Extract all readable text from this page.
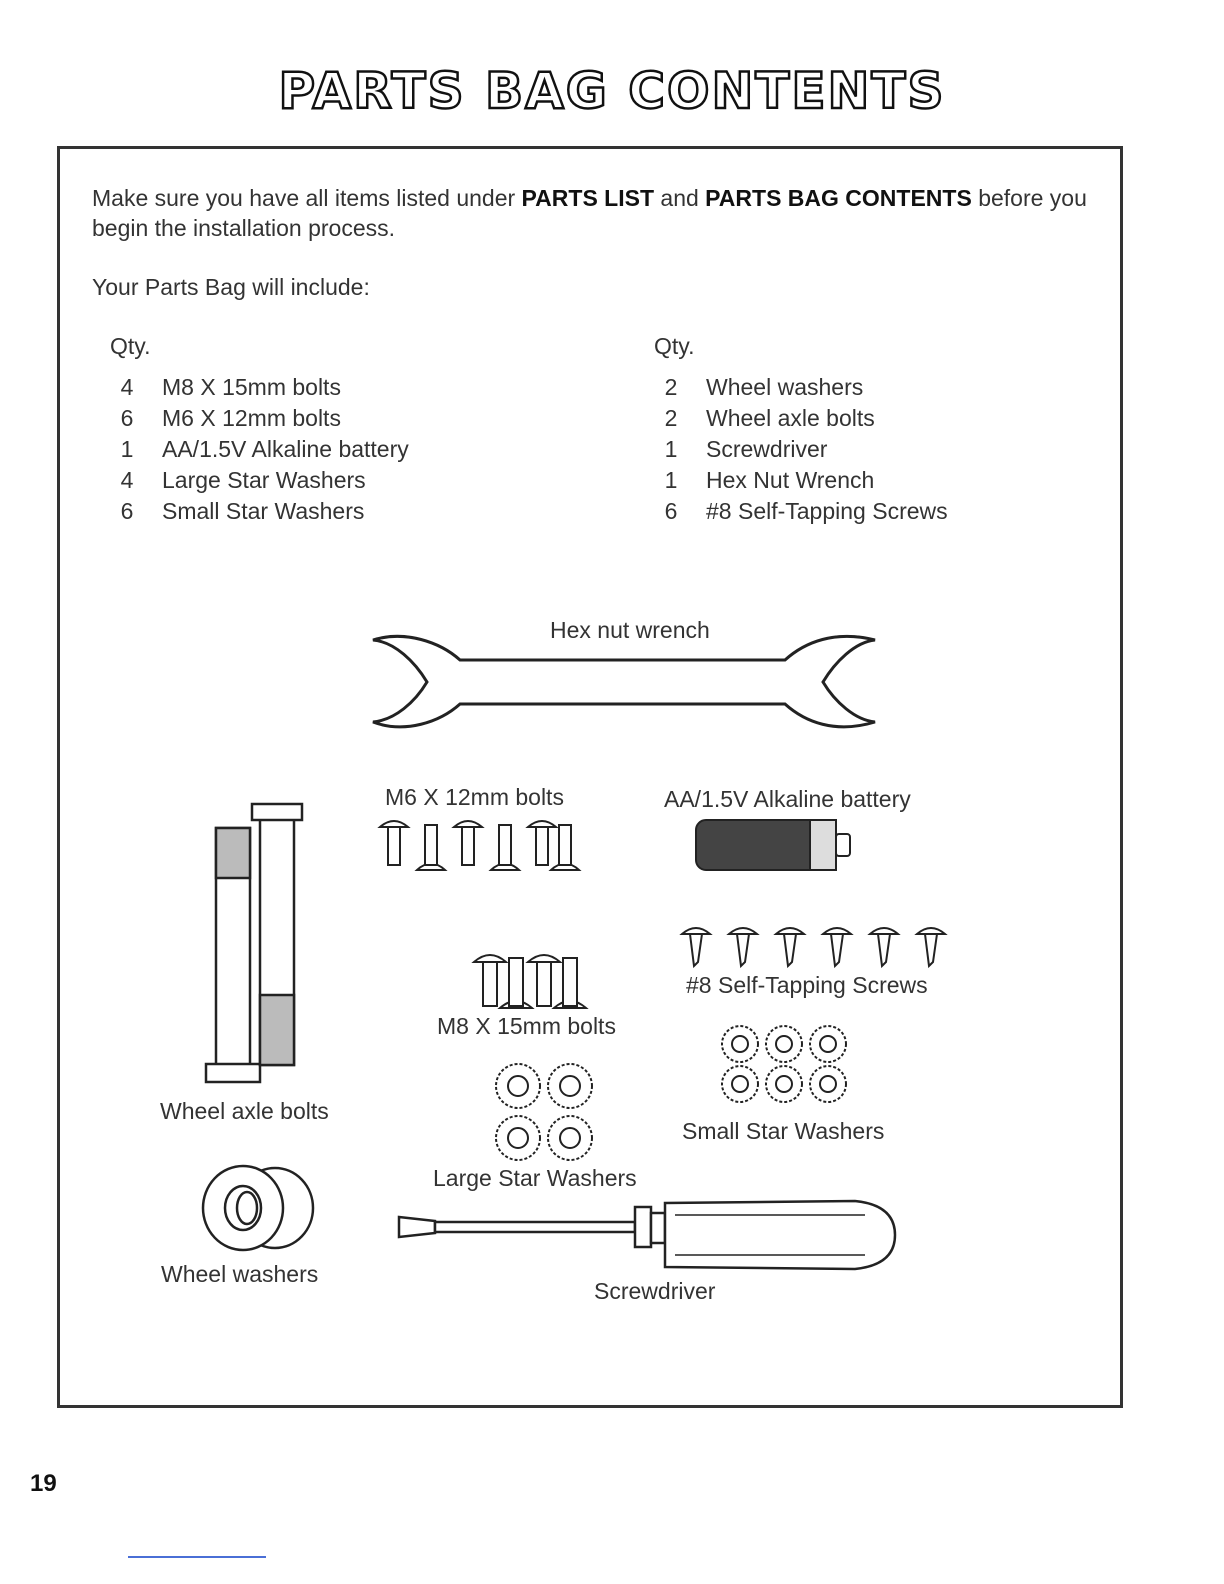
PARTS BAG CONTENTS

Make sure you have all items listed under PARTS LIST and PARTS BAG CONTENTS before you begin the installation process.

Your Parts Bag will include:

Qty.

4 M8 X 15mm bolts
6 M6 X 12mm bolts
1 AA/1.5V Alkaline battery
4 Large Star Washers
6 Small Star Washers

Qty.

2 Wheel washers
2 Wheel axle bolts
1 Screwdriver
1 Hex Nut Wrench
6 #8 Self-Tapping Screws
Hex nut wrench
M6 X 12mm bolts	AA/1.5V Alkaline battery
Wheel axle bolts
#8 Self-Tapping Screws
M8 X 15mm bolts
Small Star Washers
Large Star Washers
Wheel washers
Screwdriver
19
